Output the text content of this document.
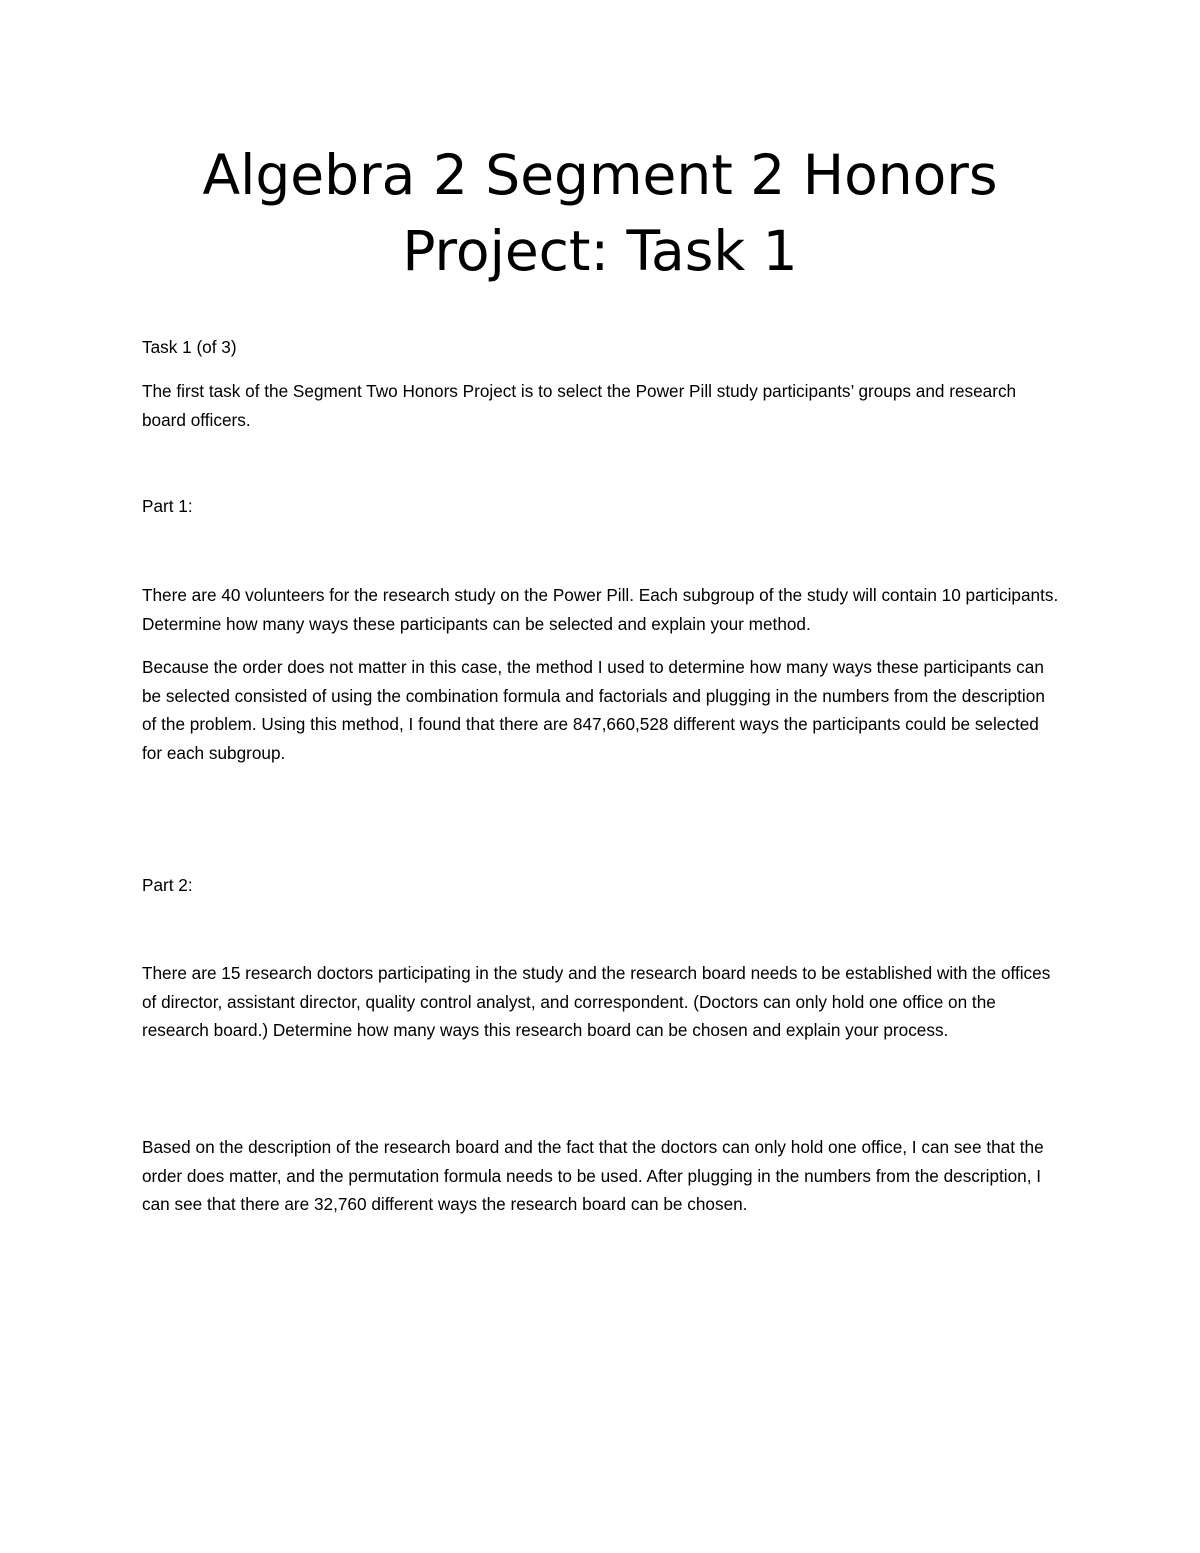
Algebra 2 Segment 2 Honors
Project: Task 1

Task 1 (of 3)

The first task of the Segment Two Honors Project is to select the Power Pill study participants’ groups and research board officers.

Part 1:

There are 40 volunteers for the research study on the Power Pill. Each subgroup of the study will contain 10 participants. Determine how many ways these participants can be selected and explain your method.

Because the order does not matter in this case, the method I used to determine how many ways these participants can be selected consisted of using the combination formula and factorials and plugging in the numbers from the description of the problem. Using this method, I found that there are 847,660,528 different ways the participants could be selected for each subgroup.

Part 2:

There are 15 research doctors participating in the study and the research board needs to be established with the offices of director, assistant director, quality control analyst, and correspondent. (Doctors can only hold one office on the research board.) Determine how many ways this research board can be chosen and explain your process.

Based on the description of the research board and the fact that the doctors can only hold one office, I can see that the order does matter, and the permutation formula needs to be used. After plugging in the numbers from the description, I can see that there are 32,760 different ways the research board can be chosen.
